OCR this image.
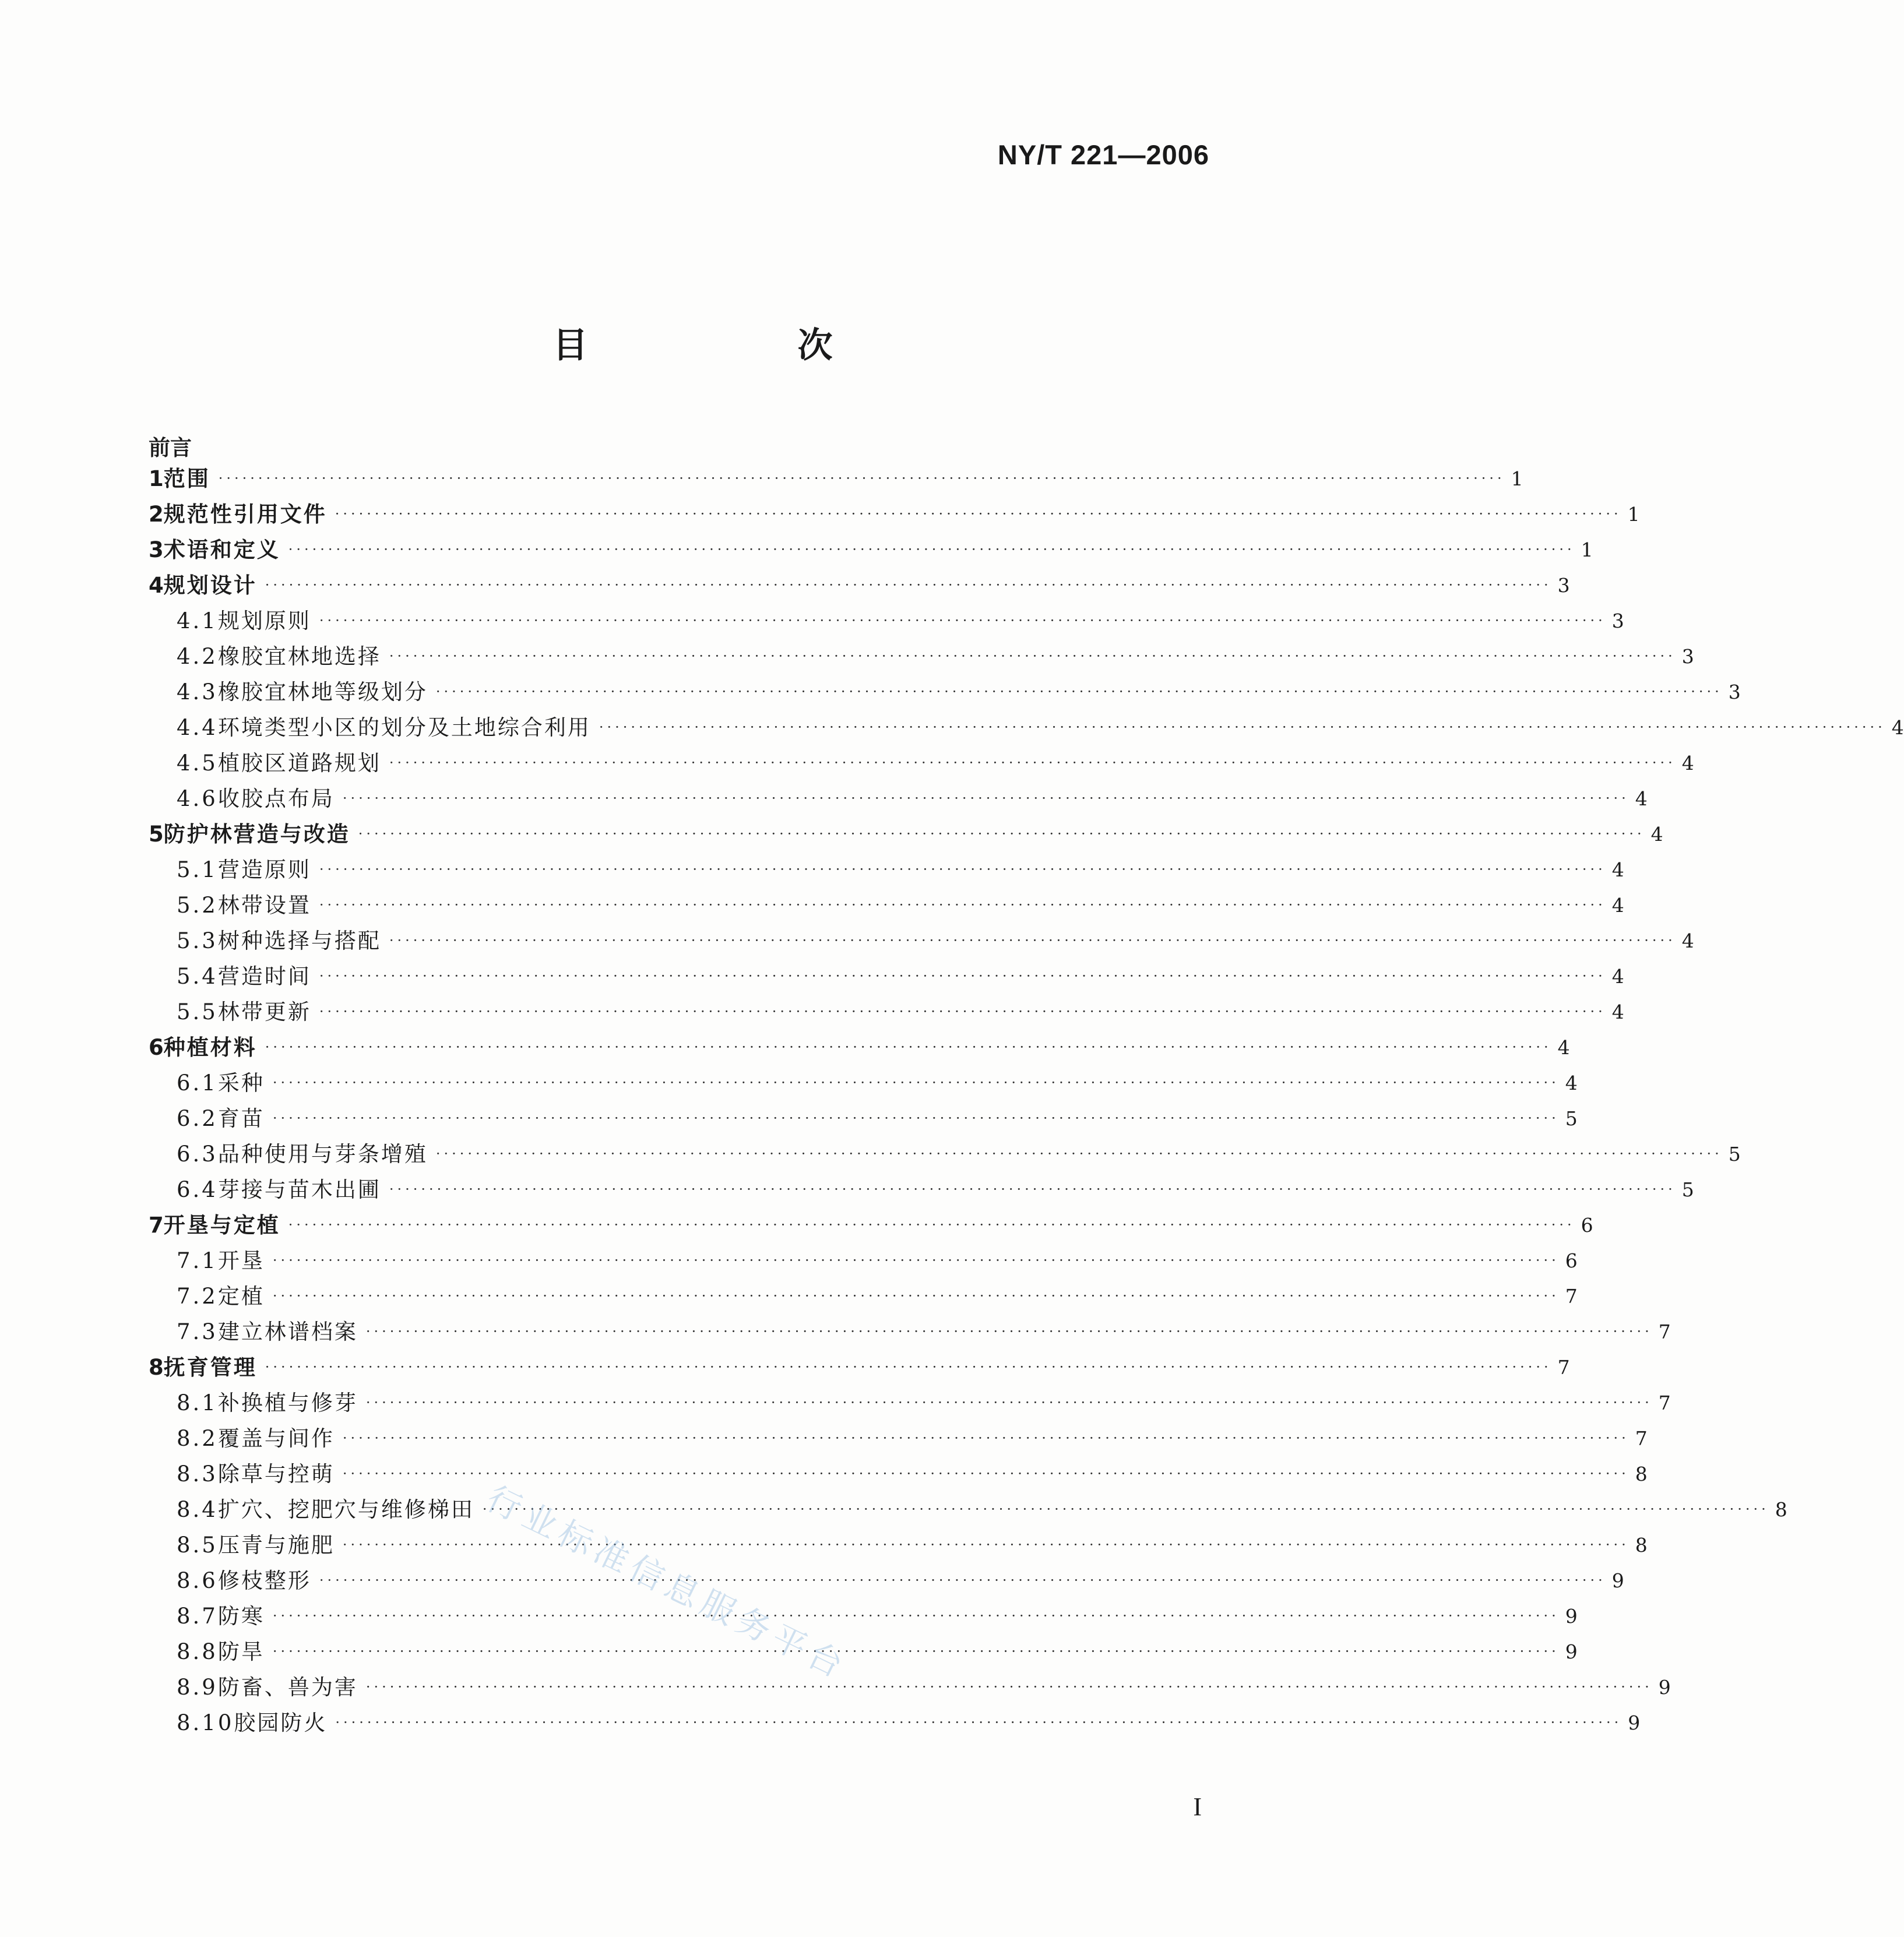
NY/T 221—2006
目　次
前言
1 范围 ·································································································································································· 1
2 规范性引用文件 ·································································································································································· 1
3 术语和定义 ·································································································································································· 1
4 规划设计 ·································································································································································· 3
4.1 规划原则 ·································································································································································· 3
4.2 橡胶宜林地选择 ·································································································································································· 3
4.3 橡胶宜林地等级划分 ·································································································································································· 3
4.4 环境类型小区的划分及土地综合利用 ·································································································································································· 4
4.5 植胶区道路规划 ·································································································································································· 4
4.6 收胶点布局 ·································································································································································· 4
5 防护林营造与改造 ·································································································································································· 4
5.1 营造原则 ·································································································································································· 4
5.2 林带设置 ·································································································································································· 4
5.3 树种选择与搭配 ·································································································································································· 4
5.4 营造时间 ·································································································································································· 4
5.5 林带更新 ·································································································································································· 4
6 种植材料 ·································································································································································· 4
6.1 采种 ·································································································································································· 4
6.2 育苗 ·································································································································································· 5
6.3 品种使用与芽条增殖 ·································································································································································· 5
6.4 芽接与苗木出圃 ·································································································································································· 5
7 开垦与定植 ·································································································································································· 6
7.1 开垦 ·································································································································································· 6
7.2 定植 ·································································································································································· 7
7.3 建立林谱档案 ·································································································································································· 7
8 抚育管理 ·································································································································································· 7
8.1 补换植与修芽 ·································································································································································· 7
8.2 覆盖与间作 ·································································································································································· 7
8.3 除草与控萌 ·································································································································································· 8
8.4 扩穴、挖肥穴与维修梯田 ·································································································································································· 8
8.5 压青与施肥 ·································································································································································· 8
8.6 修枝整形 ·································································································································································· 9
8.7 防寒 ·································································································································································· 9
8.8 防旱 ·································································································································································· 9
8.9 防畜、兽为害 ·································································································································································· 9
8.10 胶园防火 ·································································································································································· 9
行业标准信息服务平台
I
